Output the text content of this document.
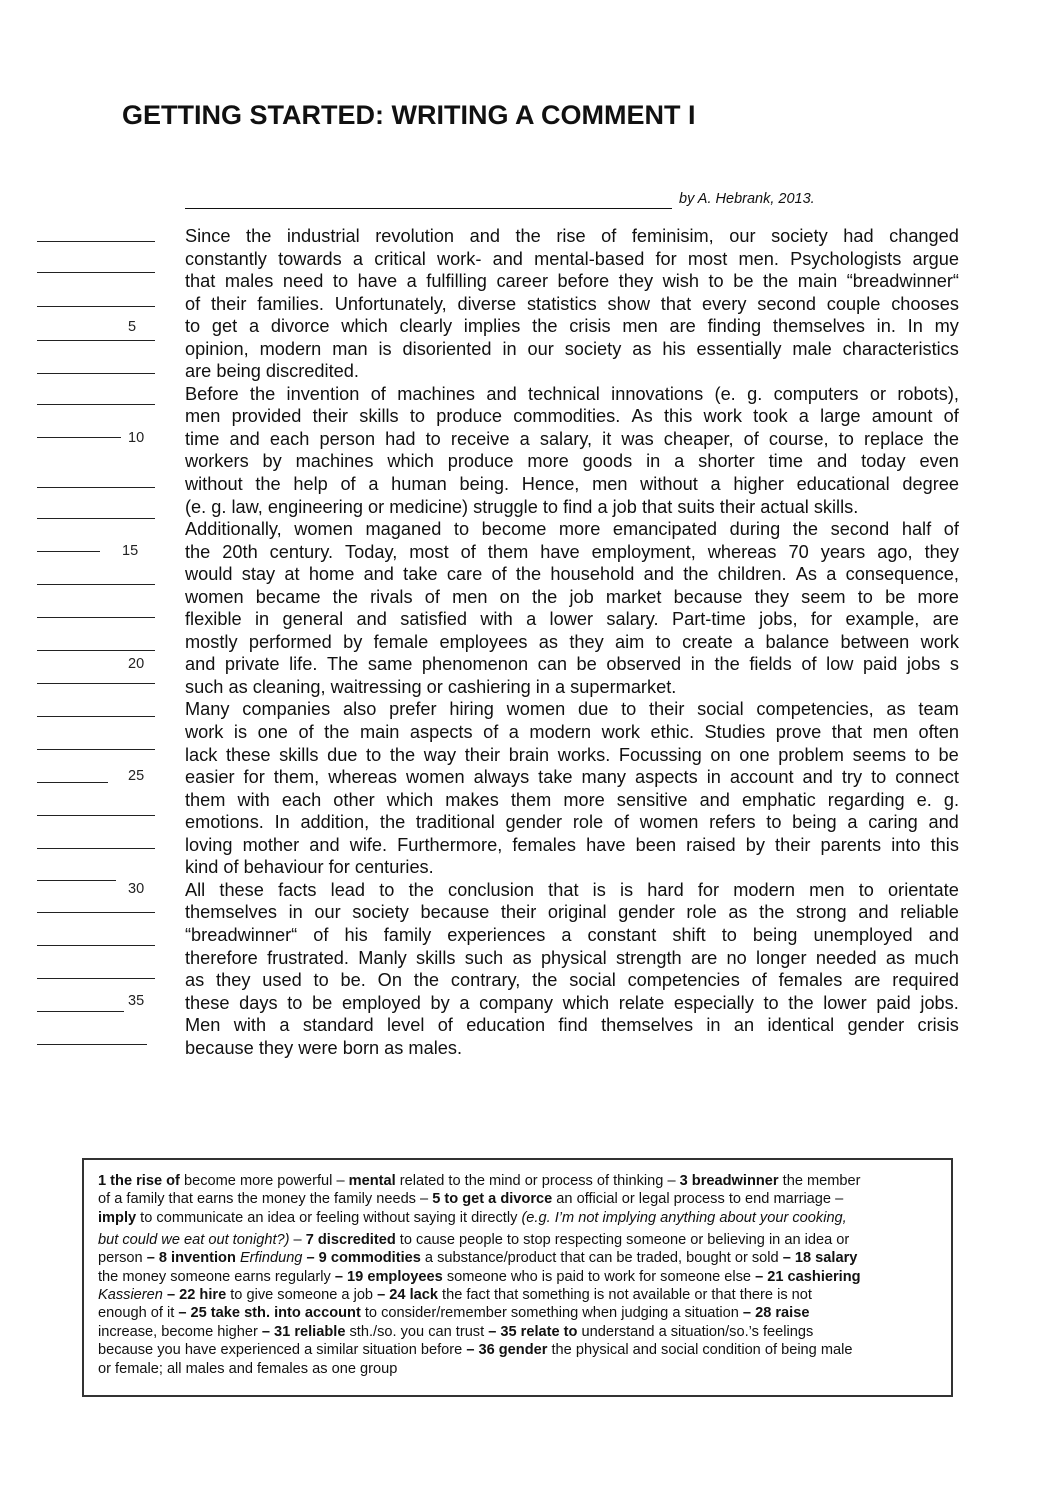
GETTING STARTED: WRITING A COMMENT I
by A. Hebrank, 2013.
5
10
15
20
25
30
35
Since the industrial revolution and the rise of feminisim, our society had changed
constantly towards a critical work- and mental-based for most men. Psychologists argue
that males need to have a fulfilling career before they wish to be the main “breadwinner“
of their families. Unfortunately, diverse statistics show that every second couple chooses
to get a divorce which clearly implies the crisis men are finding themselves in. In my
opinion, modern man is disoriented in our society as his essentially male characteristics
are being discredited.
Before the invention of machines and technical innovations (e. g. computers or robots),
men provided their skills to produce commodities. As this work took a large amount of
time and each person had to receive a salary, it was cheaper, of course, to replace the
workers by machines which produce more goods in a shorter time and today even
without the help of a human being. Hence, men without a higher educational degree
(e. g. law, engineering or medicine) struggle to find a job that suits their actual skills.
Additionally, women maganed to become more emancipated during the second half of
the 20th century. Today, most of them have employment, whereas 70 years ago, they
would stay at home and take care of the household and the children. As a consequence,
women became the rivals of men on the job market because they seem to be more
flexible in general and satisfied with a lower salary. Part-time jobs, for example, are
mostly performed by female employees as they aim to create a balance between work
and private life. The same phenomenon can be observed in the fields of low paid jobs s
such as cleaning, waitressing or cashiering in a supermarket.
Many companies also prefer hiring women due to their social competencies, as team
work is one of the main aspects of a modern work ethic. Studies prove that men often
lack these skills due to the way their brain works. Focussing on one problem seems to be
easier for them, whereas women always take many aspects in account and try to connect
them with each other which makes them more sensitive and emphatic regarding e. g.
emotions. In addition, the traditional gender role of women refers to being a caring and
loving mother and wife. Furthermore, females have been raised by their parents into this
kind of behaviour for centuries.
All these facts lead to the conclusion that is is hard for modern men to orientate
themselves in our society because their original gender role as the strong and reliable
“breadwinner“ of his family experiences a constant shift to being unemployed and
therefore frustrated. Manly skills such as physical strength are no longer needed as much
as they used to be. On the contrary, the social competencies of females are required
these days to be employed by a company which relate especially to the lower paid jobs.
Men with a standard level of education find themselves in an identical gender crisis
because they were born as males.
1 the rise of become more powerful – mental related to the mind or process of thinking – 3 breadwinner the member
of a family that earns the money the family needs – 5 to get a divorce an official or legal process to end marriage –
imply to communicate an idea or feeling without saying it directly (e.g. I’m not implying anything about your cooking,
but could we eat out tonight?) – 7 discredited to cause people to stop respecting someone or believing in an idea or
person – 8 invention Erfindung – 9 commodities a substance/product that can be traded, bought or sold – 18 salary
the money someone earns regularly – 19 employees someone who is paid to work for someone else – 21 cashiering
Kassieren – 22 hire to give someone a job – 24 lack the fact that something is not available or that there is not
enough of it – 25 take sth. into account to consider/remember something when judging a situation – 28 raise
increase, become higher – 31 reliable sth./so. you can trust – 35 relate to understand a situation/so.’s feelings
because you have experienced a similar situation before – 36 gender the physical and social condition of being male
or female; all males and females as one group
